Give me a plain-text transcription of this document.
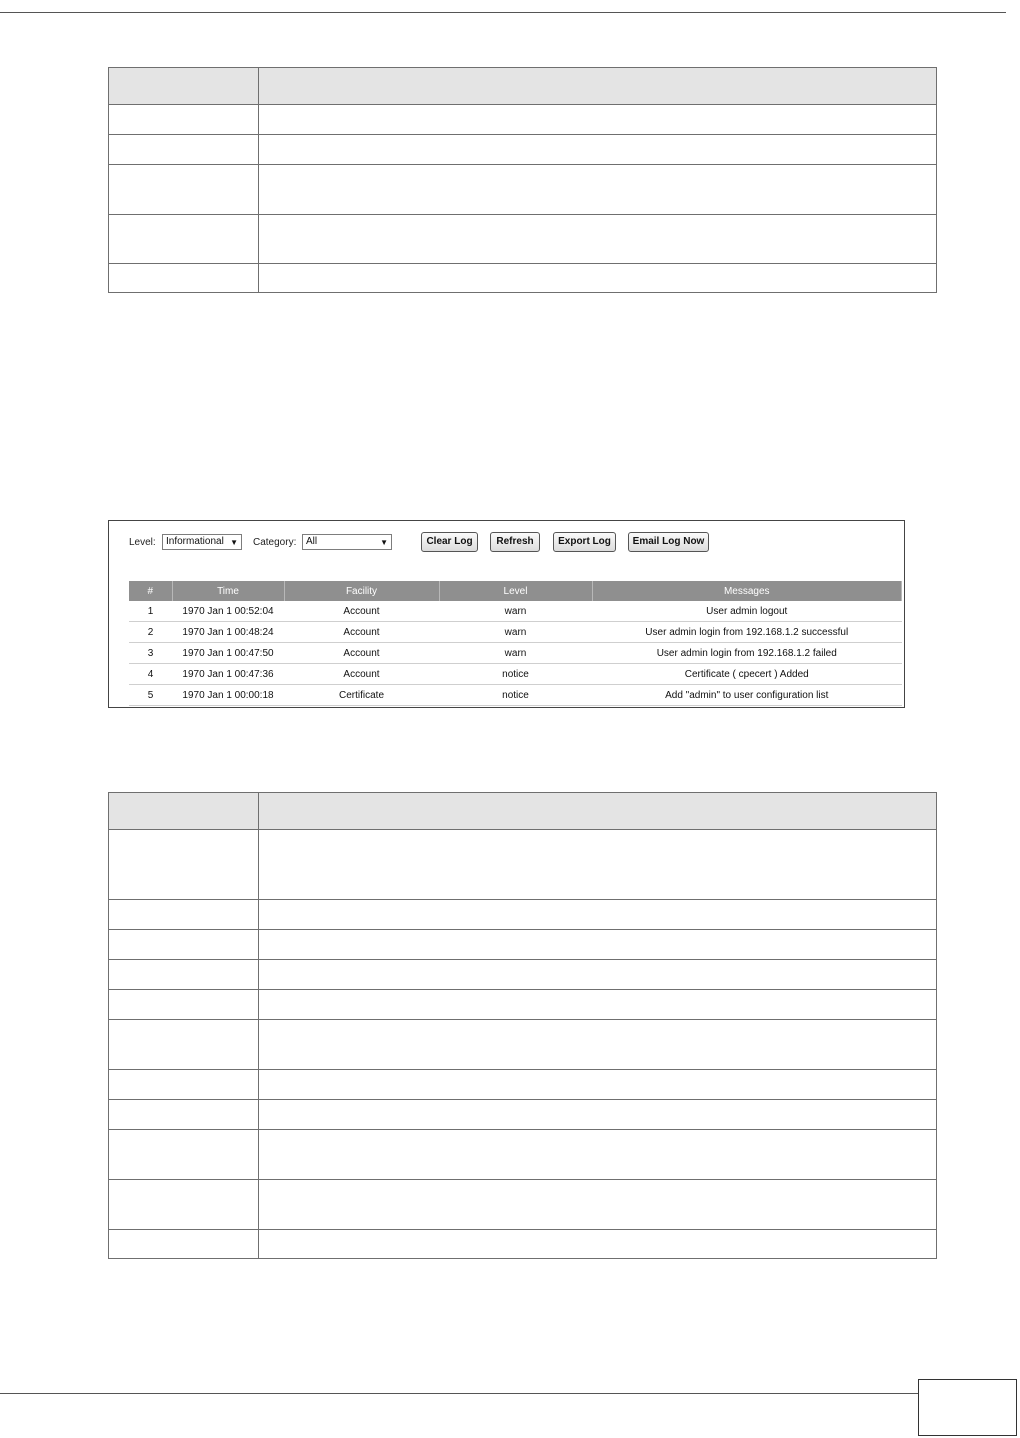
Level:	Informational ▼ Category: All	▼	Clear Log	Refresh	Export Log	Email Log Now
#	Time	Facility	Level	Messages
1	1970 Jan 1 00:52:04	Account	warn	User admin logout
2	1970 Jan 1 00:48:24	Account	warn	User admin login from 192.168.1.2 successful
3	1970 Jan 1 00:47:50	Account	warn	User admin login from 192.168.1.2 failed
4	1970 Jan 1 00:47:36	Account	notice	Certificate ( cpecert ) Added
5	1970 Jan 1 00:00:18	Certificate	notice	Add "admin" to user configuration list
